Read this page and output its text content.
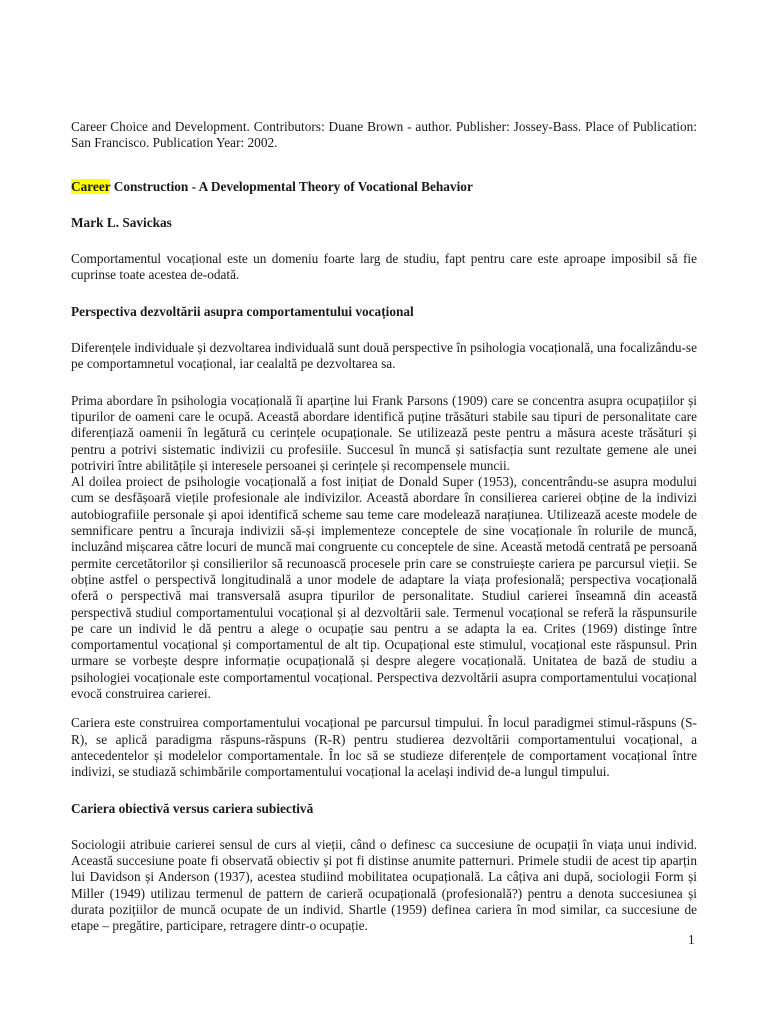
Career Choice and Development. Contributors: Duane Brown - author. Publisher: Jossey-Bass. Place of Publication: San Francisco. Publication Year: 2002.

Career Construction - A Developmental Theory of Vocational Behavior

Mark L. Savickas

Comportamentul vocațional este un domeniu foarte larg de studiu, fapt pentru care este aproape imposibil să fie cuprinse toate acestea de-odată.

Perspectiva dezvoltării asupra comportamentului vocațional

Diferențele individuale și dezvoltarea individuală sunt două perspective în psihologia vocațională, una focalizându-se pe comportamnetul vocațional, iar cealaltă pe dezvoltarea sa.

Prima abordare în psihologia vocațională îi aparține lui Frank Parsons (1909) care se concentra asupra ocupațiilor și tipurilor de oameni care le ocupă. Această abordare identifică puține trăsături stabile sau tipuri de personalitate care diferențiază oamenii în legătură cu cerințele ocupaționale. Se utilizează peste pentru a măsura aceste trăsături și pentru a potrivi sistematic indivizii cu profesiile. Succesul în muncă și satisfacția sunt rezultate gemene ale unei potriviri între abilitățile și interesele persoanei și cerințele și recompensele muncii.

Al doilea proiect de psihologie vocațională a fost inițiat de Donald Super (1953), concentrându-se asupra modului cum se desfășoară viețile profesionale ale indivizilor. Această abordare în consilierea carierei obține de la indivizi autobiografiile personale și apoi identifică scheme sau teme care modelează narațiunea. Utilizează aceste modele de semnificare pentru a încuraja indivizii să-și implementeze conceptele de sine vocaționale în rolurile de muncă, incluzând mișcarea către locuri de muncă mai congruente cu conceptele de sine. Această metodă centrată pe persoană permite cercetătorilor și consilierilor să recunoască procesele prin care se construiește cariera pe parcursul vieții. Se obține astfel o perspectivă longitudinală a unor modele de adaptare la viața profesională; perspectiva vocațională oferă o perspectivă mai transversală asupra tipurilor de personalitate. Studiul carierei înseamnă din această perspectivă studiul comportamentului vocațional și al dezvoltării sale. Termenul vocațional se referă la răspunsurile pe care un individ le dă pentru a alege o ocupație sau pentru a se adapta la ea. Crites (1969) distinge între comportamentul vocațional și comportamentul de alt tip. Ocupațional este stimulul, vocațional este răspunsul. Prin urmare se vorbește despre informație ocupațională și despre alegere vocațională. Unitatea de bază de studiu a psihologiei vocaționale este comportamentul vocațional. Perspectiva dezvoltării asupra comportamentului vocațional evocă construirea carierei.

Cariera este construirea comportamentului vocațional pe parcursul timpului. În locul paradigmei stimul-răspuns (S-R), se aplică paradigma răspuns-răspuns (R-R) pentru studierea dezvoltării comportamentului vocațional, a antecedentelor și modelelor comportamentale. În loc să se studieze diferențele de comportament vocațional între indivizi, se studiază schimbările comportamentului vocațional la același individ de-a lungul timpului.

Cariera obiectivă versus cariera subiectivă

Sociologii atribuie carierei sensul de curs al vieții, când o definesc ca succesiune de ocupații în viața unui individ. Această succesiune poate fi observată obiectiv și pot fi distinse anumite patternuri. Primele studii de acest tip aparțin lui Davidson și Anderson (1937), acestea studiind mobilitatea ocupațională. La câțiva ani după, sociologii Form și Miller (1949) utilizau termenul de pattern de carieră ocupațională (profesională?) pentru a denota succesiunea și durata pozițiilor de muncă ocupate de un individ. Shartle (1959) definea cariera în mod similar, ca succesiune de etape – pregătire, participare, retragere dintr-o ocupație.

1
